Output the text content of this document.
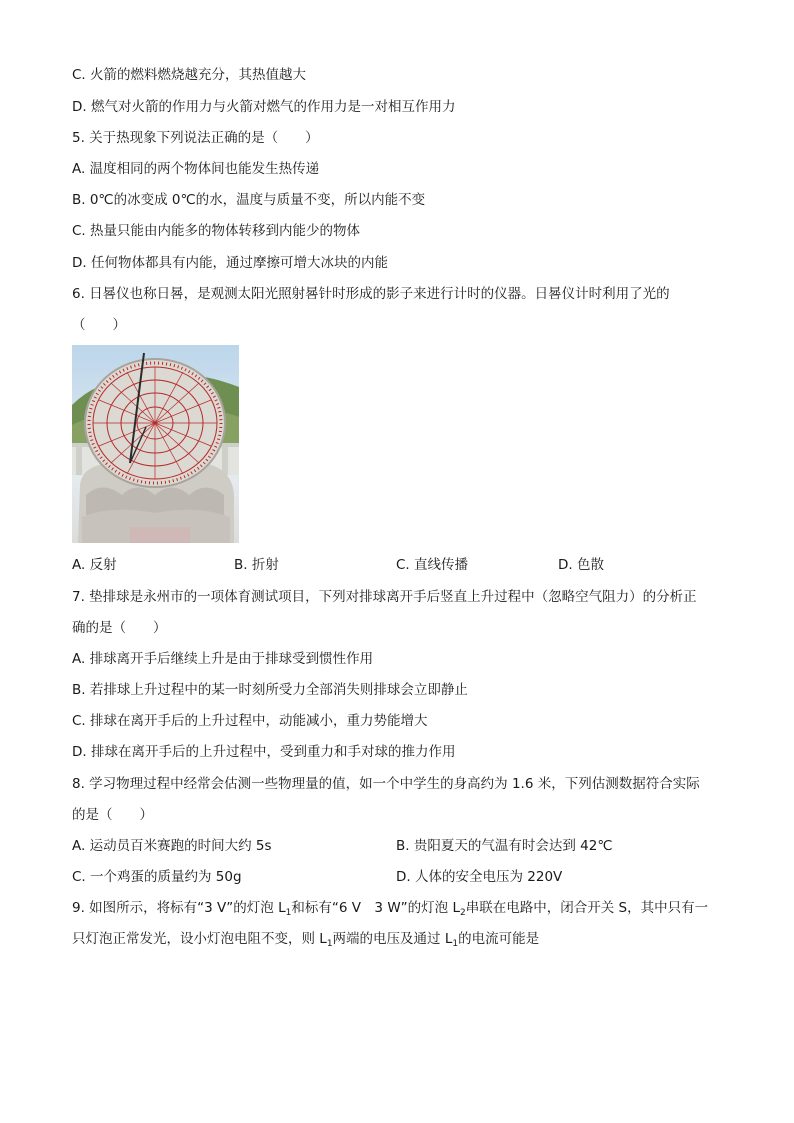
C. 火箭的燃料燃烧越充分，其热值越大
D. 燃气对火箭的作用力与火箭对燃气的作用力是一对相互作用力
5. 关于热现象下列说法正确的是（　　）
A. 温度相同的两个物体间也能发生热传递
B. 0℃的冰变成 0℃的水，温度与质量不变，所以内能不变
C. 热量只能由内能多的物体转移到内能少的物体
D. 任何物体都具有内能，通过摩擦可增大冰块的内能
6. 日晷仪也称日晷，是观测太阳光照射晷针时形成的影子来进行计时的仪器。日晷仪计时利用了光的
（　　）
A. 反射	B. 折射	C. 直线传播	D. 色散
7. 垫排球是永州市的一项体育测试项目，下列对排球离开手后竖直上升过程中（忽略空气阻力）的分析正
确的是（　　）
A. 排球离开手后继续上升是由于排球受到惯性作用
B. 若排球上升过程中的某一时刻所受力全部消失则排球会立即静止
C. 排球在离开手后的上升过程中，动能减小，重力势能增大
D. 排球在离开手后的上升过程中，受到重力和手对球的推力作用
8. 学习物理过程中经常会估测一些物理量的值，如一个中学生的身高约为 1.6 米，下列估测数据符合实际
的是（　　）
A. 运动员百米赛跑的时间大约 5s	B. 贵阳夏天的气温有时会达到 42℃
C. 一个鸡蛋的质量约为 50g	D. 人体的安全电压为 220V
9. 如图所示，将标有“3 V”的灯泡 $L_1$和标有“6 V　3 W”的灯泡 $L_2$串联在电路中，闭合开关 S，其中只有一
只灯泡正常发光，设小灯泡电阻不变，则 $L_1$两端的电压及通过 $L_1$的电流可能是
